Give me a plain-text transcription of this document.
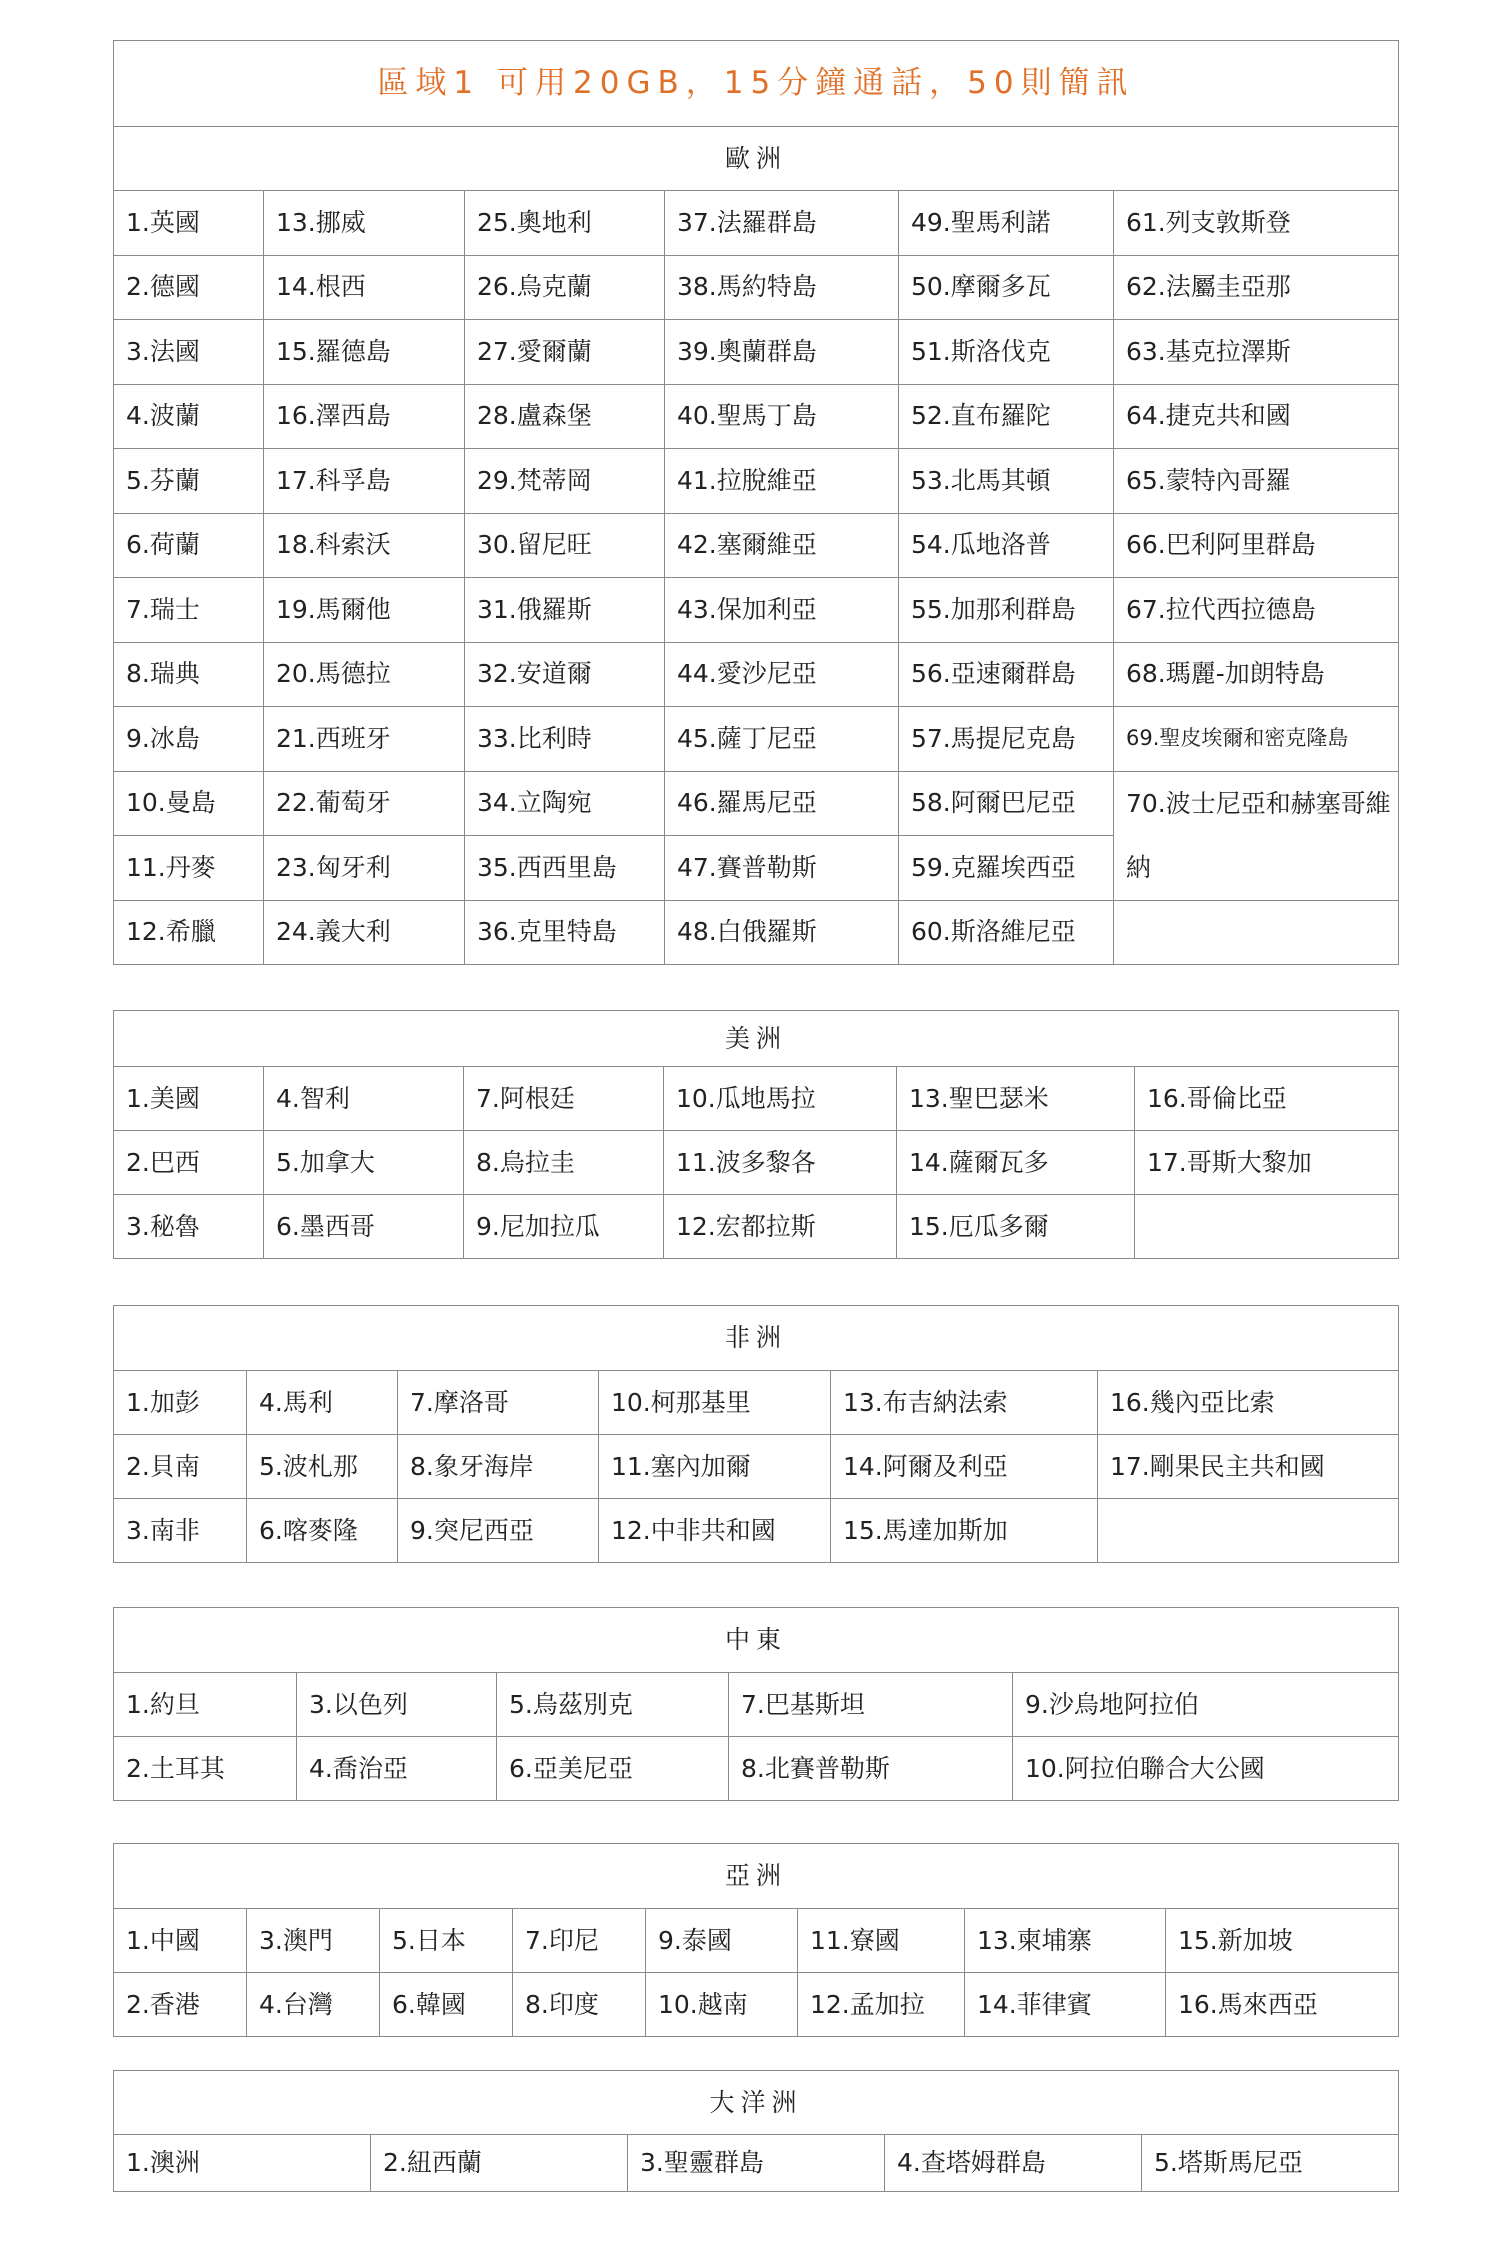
區域1 可用20GB，15分鐘通話，50則簡訊					
歐洲					
1.英國	13.挪威	25.奧地利	37.法羅群島	49.聖馬利諾	61.列支敦斯登
2.德國	14.根西	26.烏克蘭	38.馬約特島	50.摩爾多瓦	62.法屬圭亞那
3.法國	15.羅德島	27.愛爾蘭	39.奧蘭群島	51.斯洛伐克	63.基克拉澤斯
4.波蘭	16.澤西島	28.盧森堡	40.聖馬丁島	52.直布羅陀	64.捷克共和國
5.芬蘭	17.科孚島	29.梵蒂岡	41.拉脫維亞	53.北馬其頓	65.蒙特內哥羅
6.荷蘭	18.科索沃	30.留尼旺	42.塞爾維亞	54.瓜地洛普	66.巴利阿里群島
7.瑞士	19.馬爾他	31.俄羅斯	43.保加利亞	55.加那利群島	67.拉代西拉德島
8.瑞典	20.馬德拉	32.安道爾	44.愛沙尼亞	56.亞速爾群島	68.瑪麗-加朗特島
9.冰島	21.西班牙	33.比利時	45.薩丁尼亞	57.馬提尼克島	69.聖皮埃爾和密克隆島
10.曼島	22.葡萄牙	34.立陶宛	46.羅馬尼亞	58.阿爾巴尼亞	70.波士尼亞和赫塞哥維納
11.丹麥	23.匈牙利	35.西西里島	47.賽普勒斯	59.克羅埃西亞	
12.希臘	24.義大利	36.克里特島	48.白俄羅斯	60.斯洛維尼亞	
美洲					
1.美國	4.智利	7.阿根廷	10.瓜地馬拉	13.聖巴瑟米	16.哥倫比亞
2.巴西	5.加拿大	8.烏拉圭	11.波多黎各	14.薩爾瓦多	17.哥斯大黎加
3.秘魯	6.墨西哥	9.尼加拉瓜	12.宏都拉斯	15.厄瓜多爾	
非洲					
1.加彭	4.馬利	7.摩洛哥	10.柯那基里	13.布吉納法索	16.幾內亞比索
2.貝南	5.波札那	8.象牙海岸	11.塞內加爾	14.阿爾及利亞	17.剛果民主共和國
3.南非	6.喀麥隆	9.突尼西亞	12.中非共和國	15.馬達加斯加	
中東				
1.約旦	3.以色列	5.烏茲別克	7.巴基斯坦	9.沙烏地阿拉伯
2.土耳其	4.喬治亞	6.亞美尼亞	8.北賽普勒斯	10.阿拉伯聯合大公國
亞洲							
1.中國	3.澳門	5.日本	7.印尼	9.泰國	11.寮國	13.柬埔寨	15.新加坡
2.香港	4.台灣	6.韓國	8.印度	10.越南	12.孟加拉	14.菲律賓	16.馬來西亞
大洋洲
1.澳洲	2.紐西蘭	3.聖靈群島	4.查塔姆群島	5.塔斯馬尼亞
